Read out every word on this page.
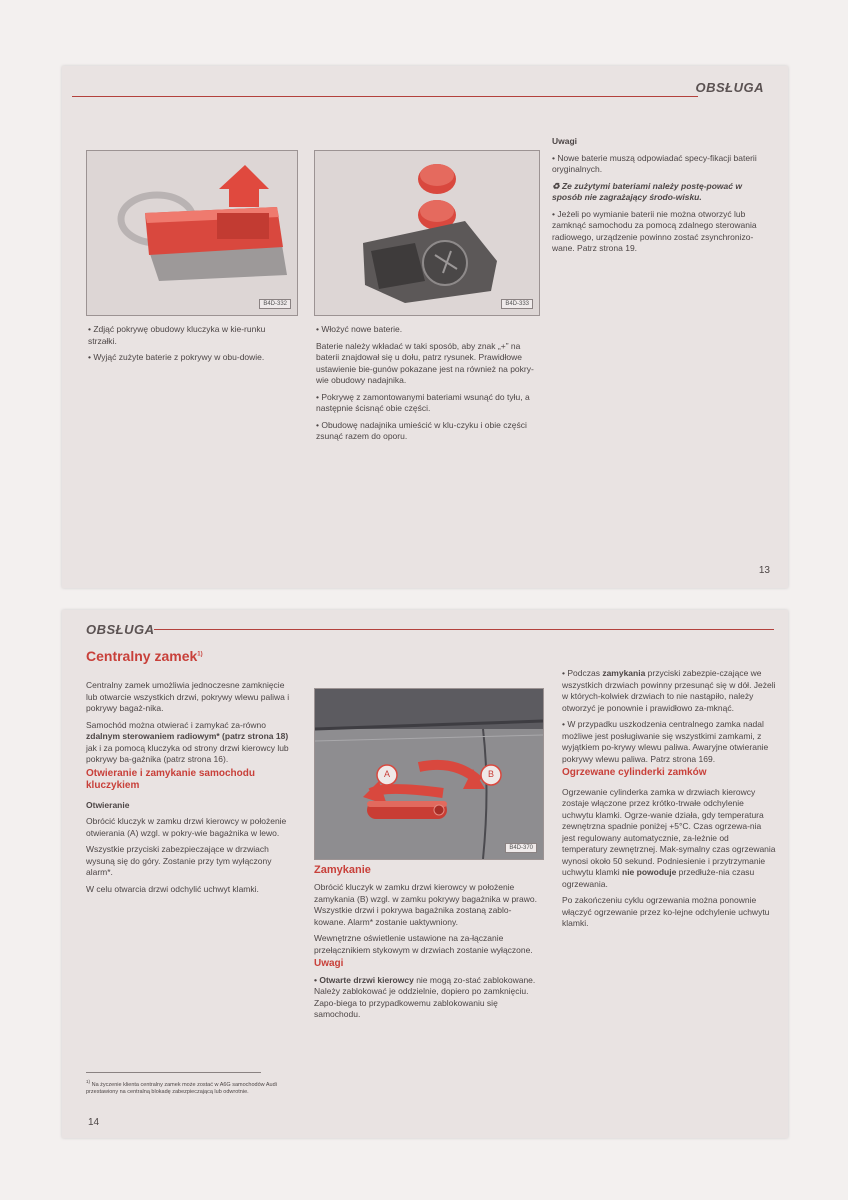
OBSŁUGA
B4D-332	B4D-333

• Zdjąć pokrywę obudowy kluczyka w kie-runku strzałki.

• Wyjąć zużyte baterie z pokrywy w obu-dowie.

• Włożyć nowe baterie.

Baterie należy wkładać w taki sposób, aby znak „+” na baterii znajdował się u dołu, patrz rysunek. Prawidłowe ustawienie bie-gunów pokazane jest na również na pokry-wie obudowy nadajnika.

• Pokrywę z zamontowanymi bateriami wsunąć do tyłu, a następnie ścisnąć obie części.

• Obudowę nadajnika umieścić w klu-czyku i obie części zsunąć razem do oporu.

Uwagi

• Nowe baterie muszą odpowiadać specy-fikacji baterii oryginalnych.

♻ Ze zużytymi bateriami należy postę-pować w sposób nie zagrażający środo-wisku.

• Jeżeli po wymianie baterii nie można otworzyć lub zamknąć samochodu za pomocą zdalnego sterowania radiowego, urządzenie powinno zostać zsynchronizo-wane. Patrz strona 19.

13
OBSŁUGA
Centralny zamek$^{1)}$

Centralny zamek umożliwia jednoczesne zamknięcie lub otwarcie wszystkich drzwi, pokrywy wlewu paliwa i pokrywy bagaż-nika.

Samochód można otwierać i zamykać za-równo zdalnym sterowaniem radiowym* (patrz strona 18) jak i za pomocą kluczyka od strony drzwi kierowcy lub pokrywy ba-gażnika (patrz strona 16).

Otwieranie i zamykanie samochodu kluczykiem

Otwieranie

Obrócić kluczyk w zamku drzwi kierowcy w położenie otwierania (A) wzgl. w pokry-wie bagażnika w lewo.

Wszystkie przyciski zabezpieczające w drzwiach wysuną się do góry. Zostanie przy tym wyłączony alarm*.

W celu otwarcia drzwi odchylić uchwyt klamki.

$^{1)}$ Na życzenie klienta centralny zamek może zostać w A6G samochodów Audi przestawiony na centralną blokadę zabezpieczającą lub odwrotnie.
A	B
B4D-370

Zamykanie

Obrócić kluczyk w zamku drzwi kierowcy w położenie zamykania (B) wzgl. w zamku pokrywy bagażnika w prawo. Wszystkie drzwi i pokrywa bagażnika zostaną zablo-kowane. Alarm* zostanie uaktywniony.

Wewnętrzne oświetlenie ustawione na za-łączanie przełącznikiem stykowym w drzwiach zostanie wyłączone.

Uwagi

• Otwarte drzwi kierowcy nie mogą zo-stać zablokowane. Należy zablokować je oddzielnie, dopiero po zamknięciu. Zapo-biega to przypadkowemu zablokowaniu się samochodu.

• Podczas zamykania przyciski zabezpie-czające we wszystkich drzwiach powinny przesunąć się w dół. Jeżeli w których-kolwiek drzwiach to nie nastąpiło, należy otworzyć je ponownie i prawidłowo za-mknąć.

• W przypadku uszkodzenia centralnego zamka nadal możliwe jest posługiwanie się wszystkimi zamkami, z wyjątkiem po-krywy wlewu paliwa. Awaryjne otwieranie pokrywy wlewu paliwa. Patrz strona 169.

Ogrzewane cylinderki zamków

Ogrzewanie cylinderka zamka w drzwiach kierowcy zostaje włączone przez krótko-trwałe odchylenie uchwytu klamki. Ogrze-wanie działa, gdy temperatura zewnętrzna spadnie poniżej +5°C. Czas ogrzewa-nia jest regulowany automatycznie, za-leżnie od temperatury zewnętrznej. Mak-symalny czas ogrzewania wynosi około 50 sekund. Podniesienie i przytrzymanie uchwytu klamki nie powoduje przedłuże-nia czasu ogrzewania.

Po zakończeniu cyklu ogrzewania można ponownie włączyć ogrzewanie przez ko-lejne odchylenie uchwytu klamki.

14
